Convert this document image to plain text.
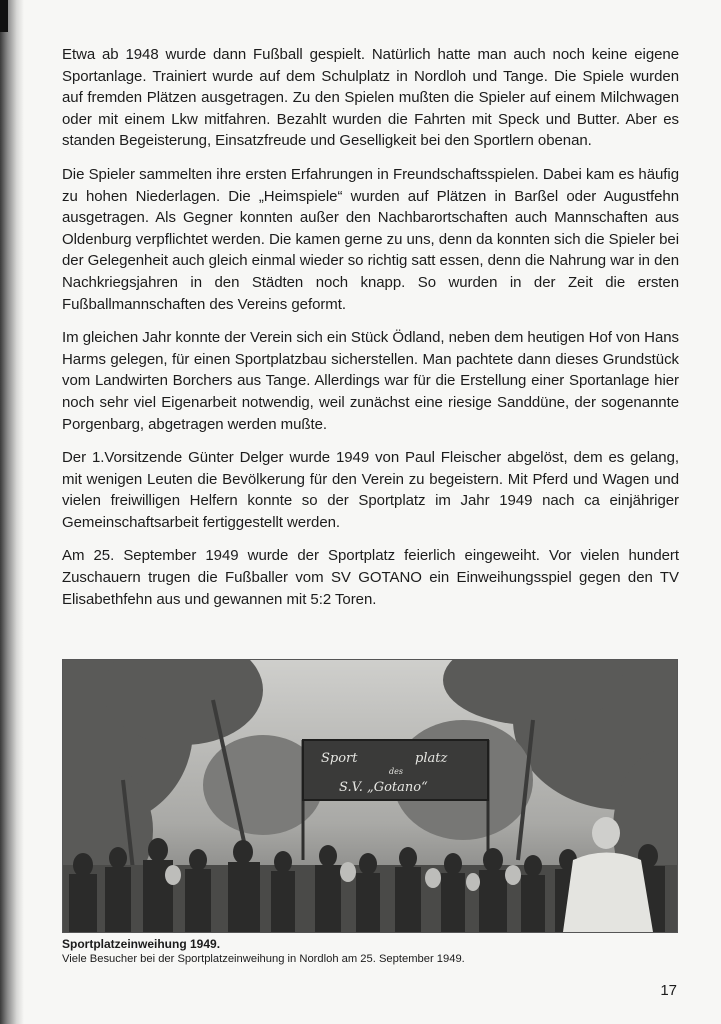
Etwa ab 1948 wurde dann Fußball gespielt. Natürlich hatte man auch noch keine eigene Sportanlage. Trainiert wurde auf dem Schulplatz in Nordloh und Tange. Die Spiele wurden auf fremden Plätzen ausgetragen. Zu den Spielen mußten die Spieler auf einem Milchwagen oder mit einem Lkw mitfahren. Bezahlt wurden die Fahrten mit Speck und Butter. Aber es standen Begeisterung, Einsatzfreude und Geselligkeit bei den Sportlern obenan.

Die Spieler sammelten ihre ersten Erfahrungen in Freundschaftsspielen. Dabei kam es häufig zu hohen Niederlagen. Die „Heimspiele“ wurden auf Plätzen in Barßel oder Augustfehn ausgetragen. Als Gegner konnten außer den Nachbarortschaften auch Mannschaften aus Oldenburg verpflichtet werden. Die kamen gerne zu uns, denn da konnten sich die Spieler bei der Gelegenheit auch gleich einmal wieder so richtig satt essen, denn die Nahrung war in den Nachkriegsjahren in den Städten noch knapp. So wurden in der Zeit die ersten Fußballmannschaften des Vereins geformt.

Im gleichen Jahr konnte der Verein sich ein Stück Ödland, neben dem heutigen Hof von Hans Harms gelegen, für einen Sportplatzbau sicherstellen. Man pachtete dann dieses Grundstück vom Landwirten Borchers aus Tange. Allerdings war für die Erstellung einer Sportanlage hier noch sehr viel Eigenarbeit notwendig, weil zunächst eine riesige Sanddüne, der sogenannte Porgenbarg, abgetragen werden mußte.

Der 1.Vorsitzende Günter Delger wurde 1949 von Paul Fleischer abgelöst, dem es gelang, mit wenigen Leuten die Bevölkerung für den Verein zu begeistern. Mit Pferd und Wagen und vielen freiwilligen Helfern konnte so der Sportplatz im Jahr 1949 nach ca einjähriger Gemeinschaftsarbeit fertiggestellt werden.

Am 25. September 1949 wurde der Sportplatz feierlich eingeweiht. Vor vielen hundert Zuschauern trugen die Fußballer vom SV GOTANO ein Einweihungsspiel gegen den TV Elisabethfehn aus und gewannen mit 5:2 Toren.

Sport	platz
des
S.V. „Gotano“
Sportplatzeinweihung 1949.
Viele Besucher bei der Sportplatzeinweihung in Nordloh am 25. September 1949.
17
